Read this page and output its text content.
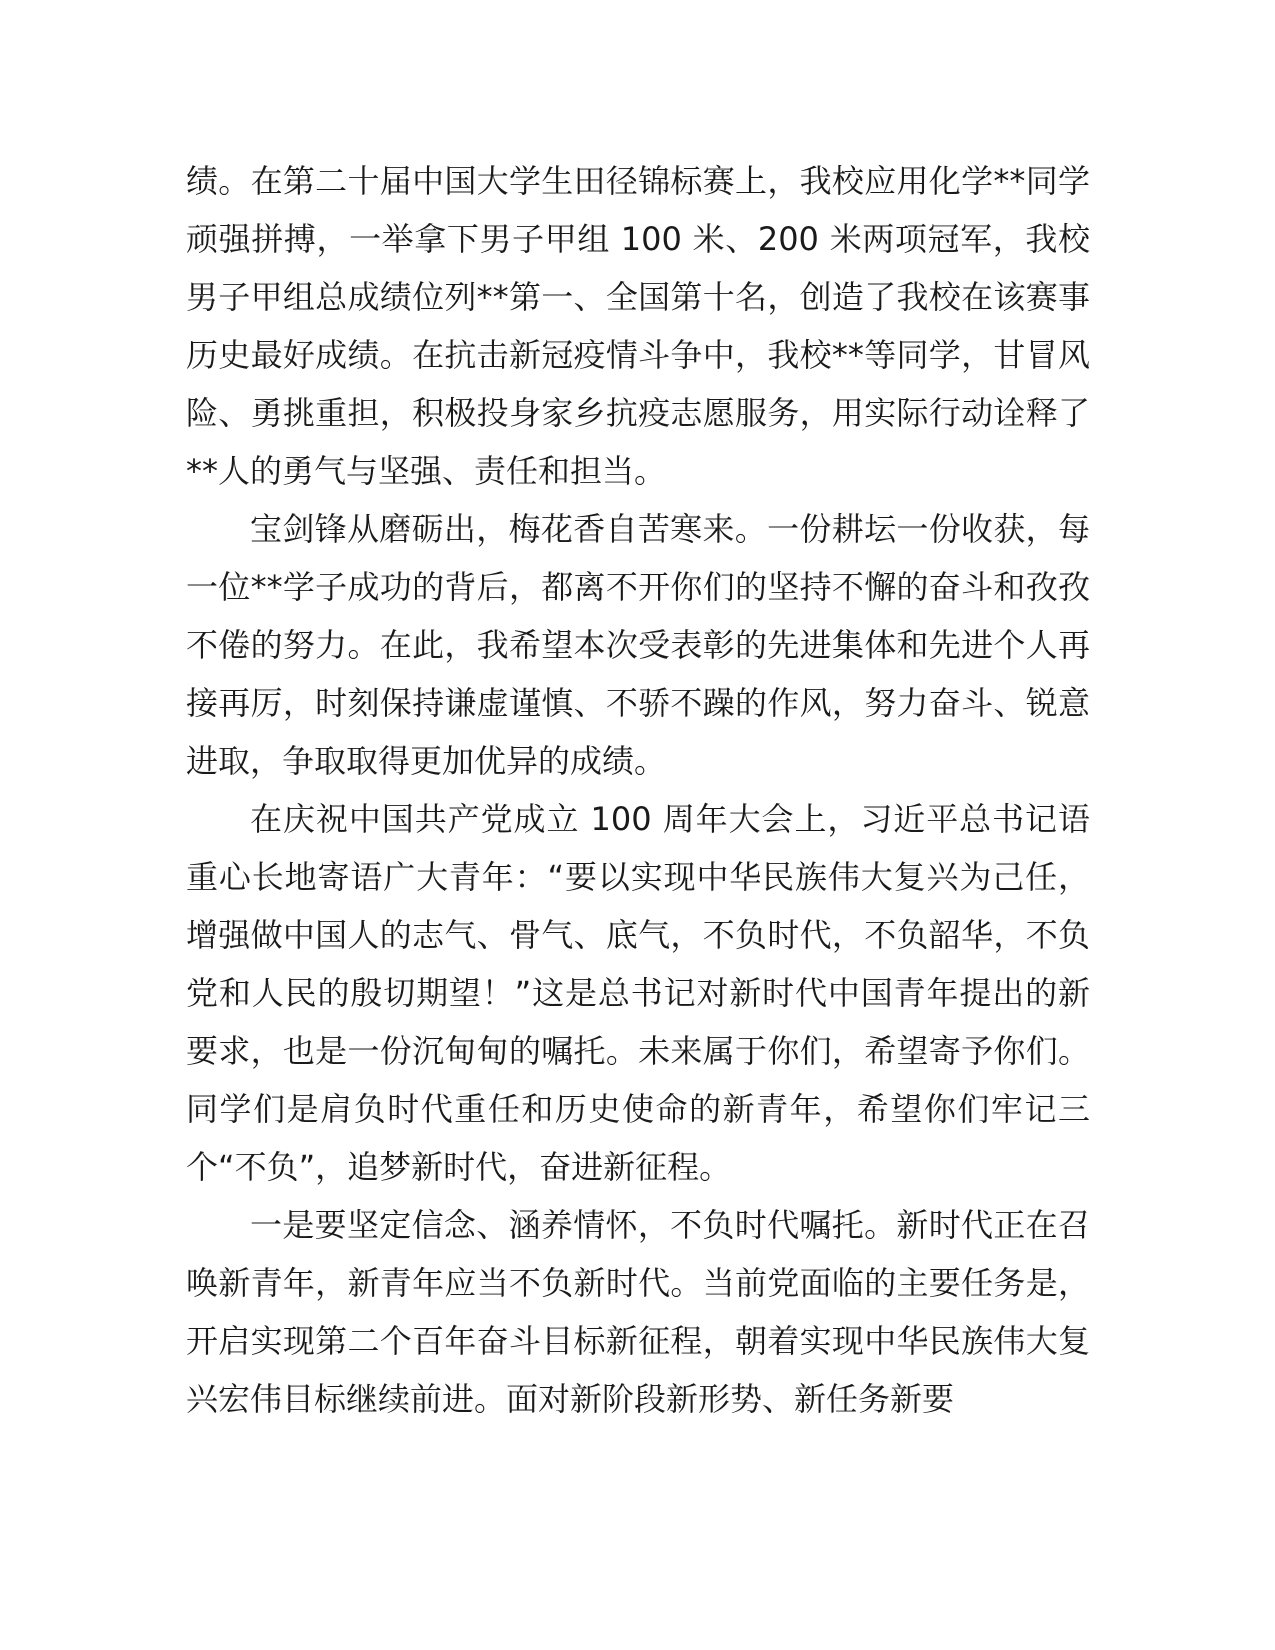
绩。在第二十届中国大学生田径锦标赛上，我校应用化学**同学顽强拼搏，一举拿下男子甲组 100 米、200 米两项冠军，我校男子甲组总成绩位列**第一、全国第十名，创造了我校在该赛事历史最好成绩。在抗击新冠疫情斗争中，我校**等同学，甘冒风险、勇挑重担，积极投身家乡抗疫志愿服务，用实际行动诠释了**人的勇气与坚强、责任和担当。

宝剑锋从磨砺出，梅花香自苦寒来。一份耕坛一份收获，每一位**学子成功的背后，都离不开你们的坚持不懈的奋斗和孜孜不倦的努力。在此，我希望本次受表彰的先进集体和先进个人再接再厉，时刻保持谦虚谨慎、不骄不躁的作风，努力奋斗、锐意进取，争取取得更加优异的成绩。

在庆祝中国共产党成立 100 周年大会上，习近平总书记语重心长地寄语广大青年：“要以实现中华民族伟大复兴为己任，增强做中国人的志气、骨气、底气，不负时代，不负韶华，不负党和人民的殷切期望！”这是总书记对新时代中国青年提出的新要求，也是一份沉甸甸的嘱托。未来属于你们，希望寄予你们。同学们是肩负时代重任和历史使命的新青年，希望你们牢记三个“不负”，追梦新时代，奋进新征程。

一是要坚定信念、涵养情怀，不负时代嘱托。新时代正在召唤新青年，新青年应当不负新时代。当前党面临的主要任务是，开启实现第二个百年奋斗目标新征程，朝着实现中华民族伟大复兴宏伟目标继续前进。面对新阶段新形势、新任务新要
